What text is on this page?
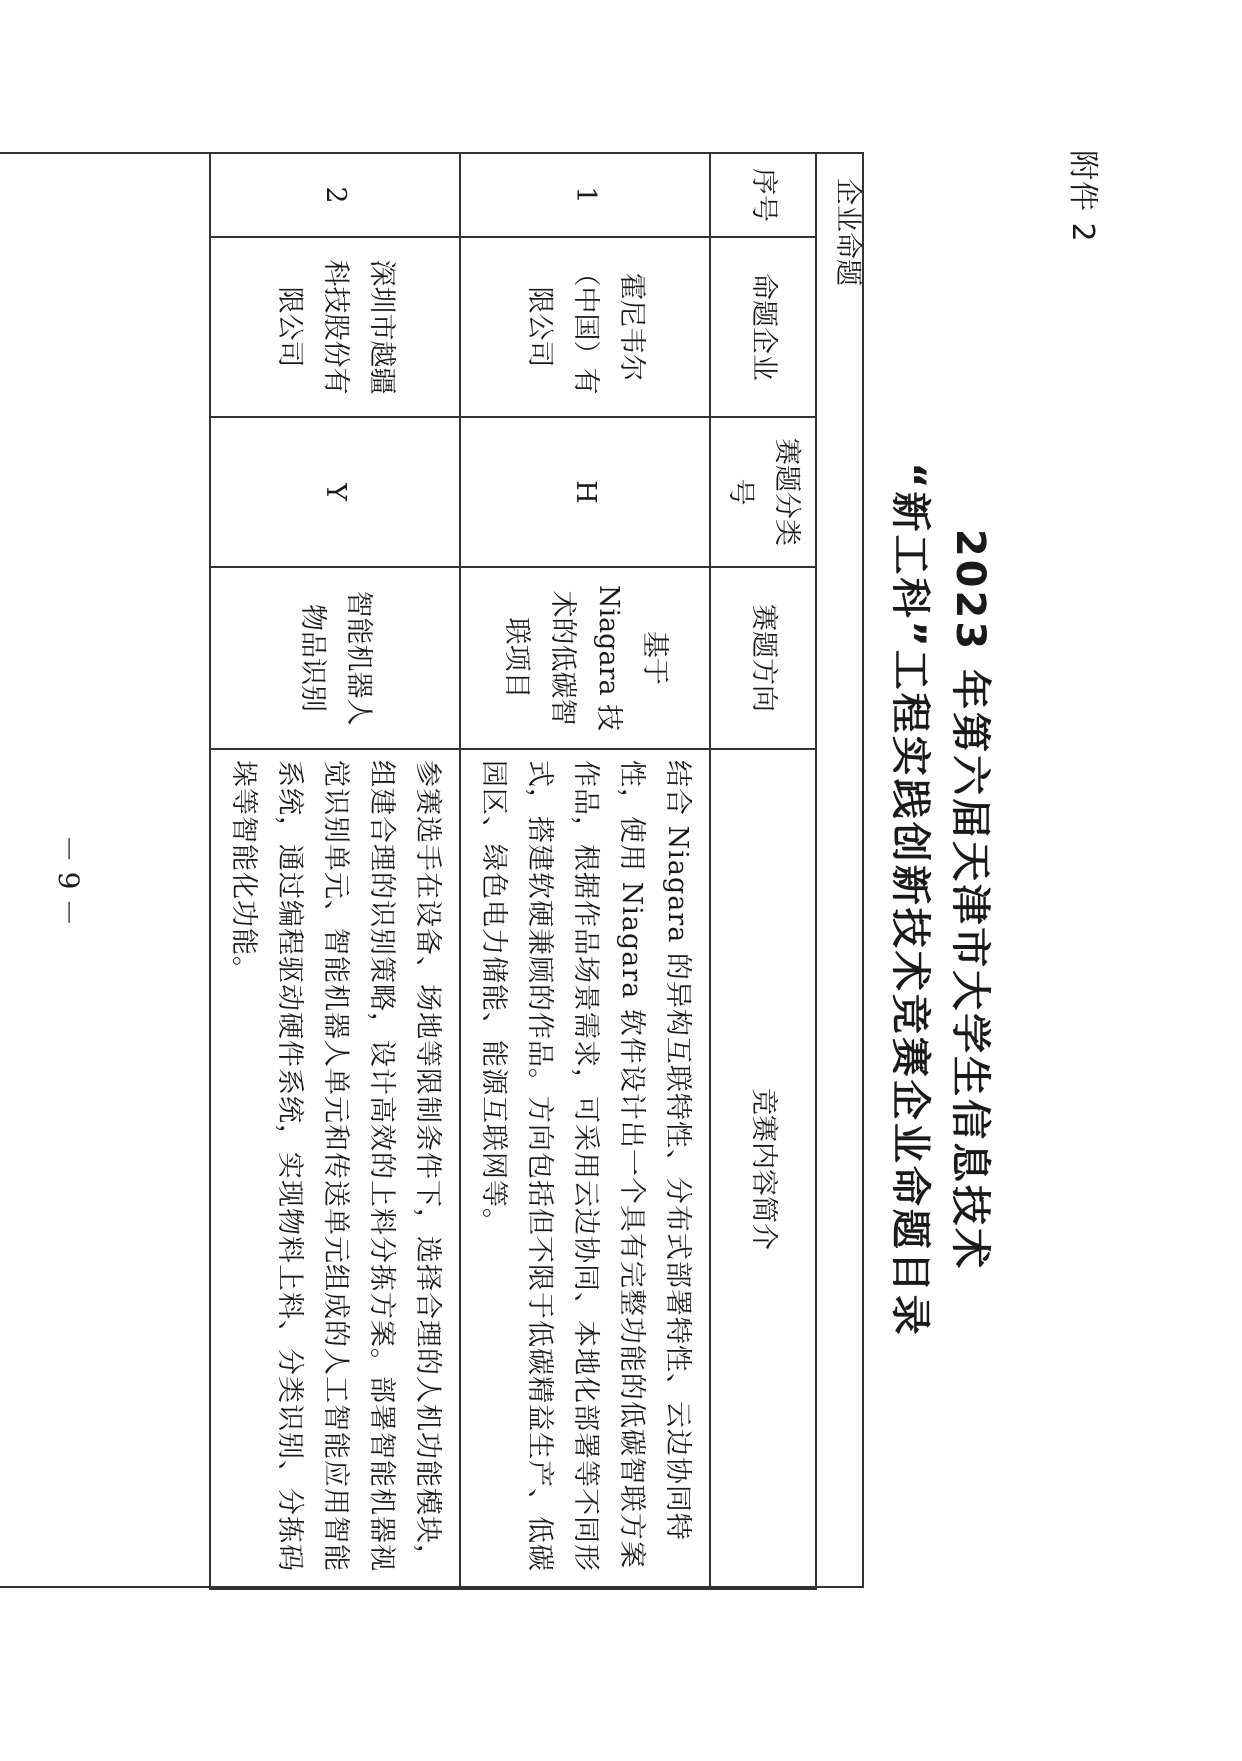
附件 2
2023 年第六届天津市大学生信息技术
“新工科”工程实践创新技术竞赛企业命题目录
企业命题
序号	命题企业	赛题分类号	赛题方向	竞赛内容简介
1	霍尼韦尔（中国）有限公司	H	基于 Niagara 技术的低碳智联项目	结合 Niagara 的异构互联特性、分布式部署特性、云边协同特性，使用 Niagara 软件设计出一个具有完整功能的低碳智联方案作品，根据作品场景需求，可采用云边协同、本地化部署等不同形式，搭建软硬兼顾的作品。方向包括但不限于低碳精益生产、低碳园区、绿色电力储能、能源互联网等。
2	深圳市越疆科技股份有限公司	Y	智能机器人物品识别	参赛选手在设备、场地等限制条件下，选择合理的人机功能模块，组建合理的识别策略，设计高效的上料分拣方案。部署智能机器视觉识别单元、智能机器人单元和传送单元组成的人工智能应用智能系统，通过编程驱动硬件系统，实现物料上料、分类识别、分拣码垛等智能化功能。
－ 9 －
